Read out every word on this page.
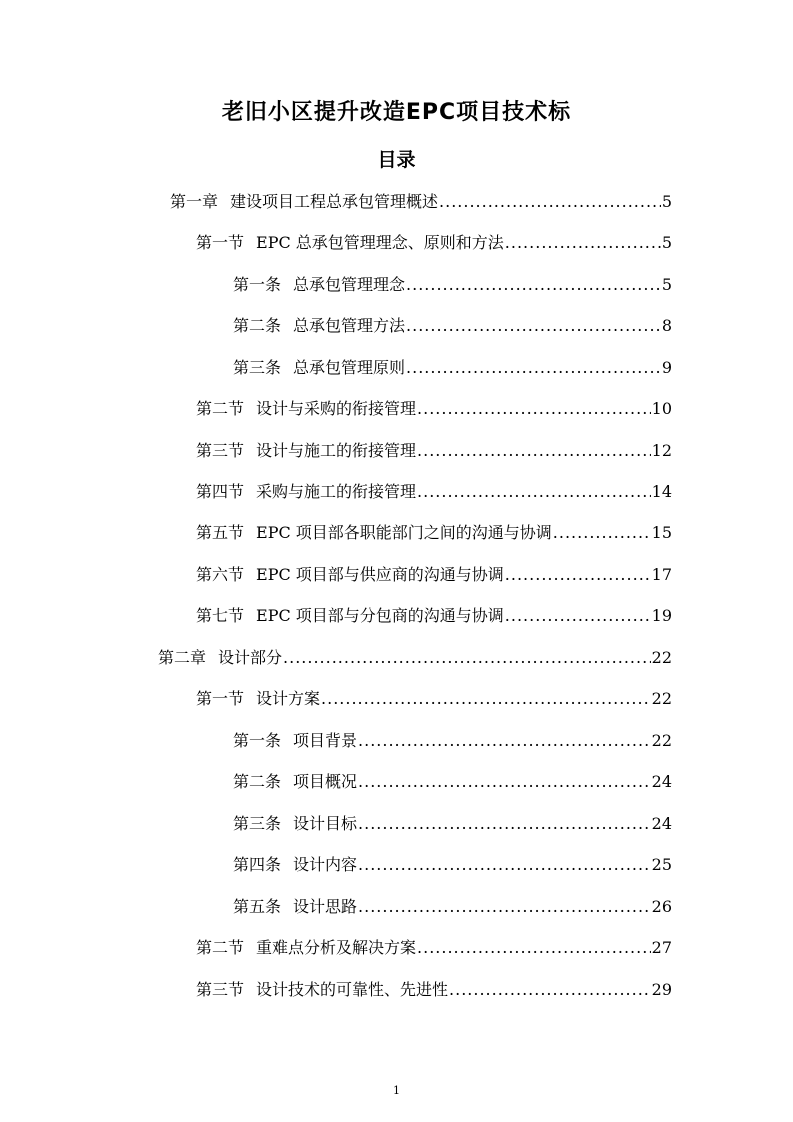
老旧小区提升改造EPC项目技术标
目录
第一章 建设项目工程总承包管理概述 .....	5
第一节 EPC 总承包管理理念、原则和方法 .....	5
第一条 总承包管理理念 .....	5
第二条 总承包管理方法 .....	8
第三条 总承包管理原则 .....	9
第二节 设计与采购的衔接管理 .....	10
第三节 设计与施工的衔接管理 .....	12
第四节 采购与施工的衔接管理 .....	14
第五节 EPC 项目部各职能部门之间的沟通与协调 .....	15
第六节 EPC 项目部与供应商的沟通与协调 .....	17
第七节 EPC 项目部与分包商的沟通与协调 .....	19
第二章 设计部分 .....	22
第一节 设计方案 .....	22
第一条 项目背景 .....	22
第二条 项目概况 .....	24
第三条 设计目标 .....	24
第四条 设计内容 .....	25
第五条 设计思路 .....	26
第二节 重难点分析及解决方案 .....	27
第三节 设计技术的可靠性、先进性 .....	29
1
